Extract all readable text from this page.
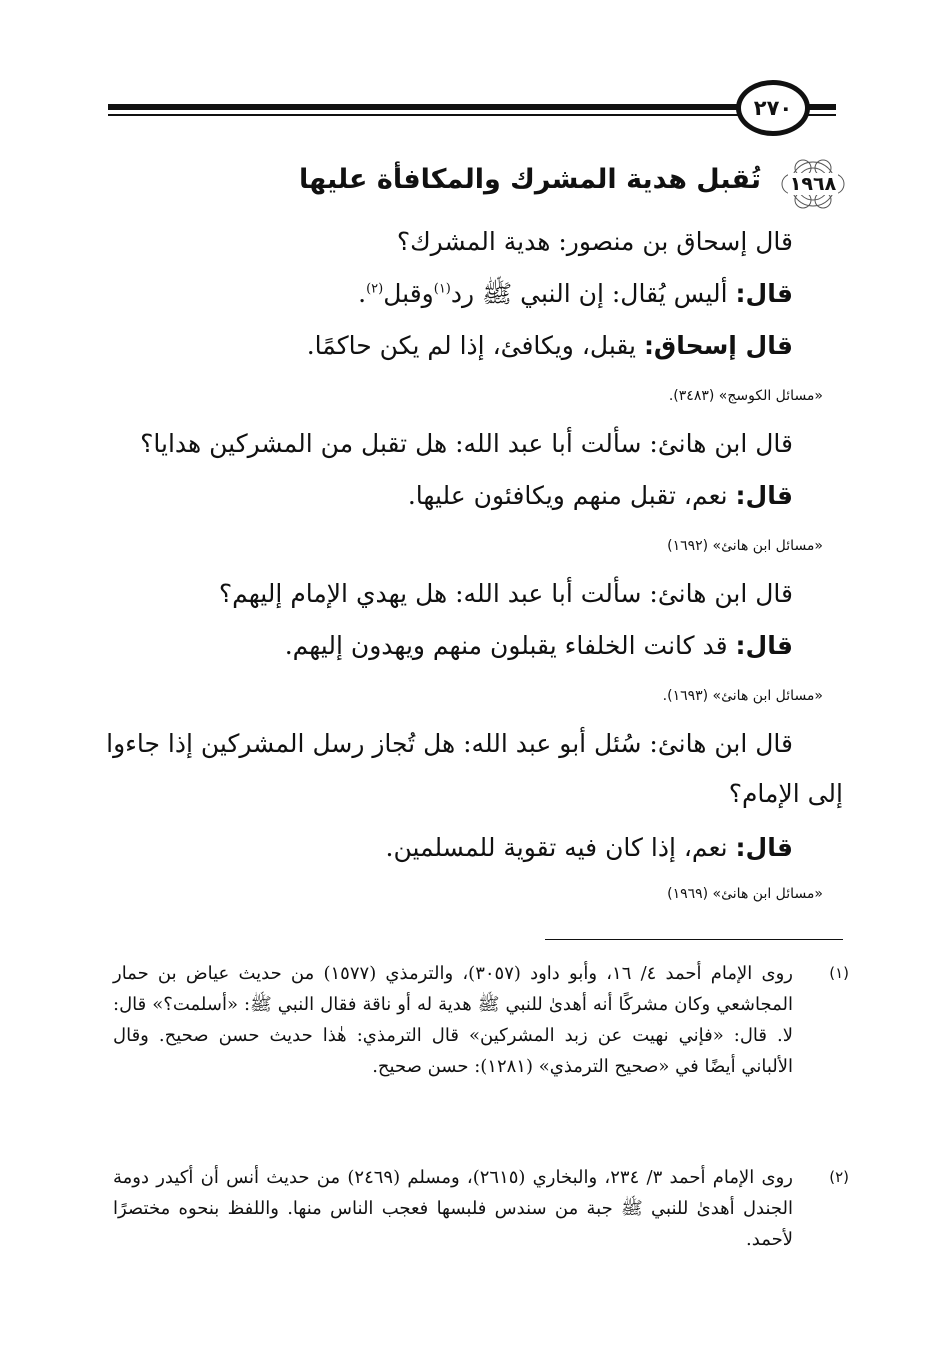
٢٧٠
١٩٦٨
تُقبل هدية المشرك والمكافأة عليها
قال إسحاق بن منصور: هدية المشرك؟
قال: أليس يُقال: إن النبي ﷺ رد$^{(١)}$وقبل$^{(٢)}$.
قال إسحاق: يقبل، ويكافئ، إذا لم يكن حاكمًا.
«مسائل الكوسج» (٣٤٨٣).
قال ابن هانئ: سألت أبا عبد الله: هل تقبل من المشركين هدايا؟
قال: نعم، تقبل منهم ويكافئون عليها.
«مسائل ابن هانئ» (١٦٩٢)
قال ابن هانئ: سألت أبا عبد الله: هل يهدي الإمام إليهم؟
قال: قد كانت الخلفاء يقبلون منهم ويهدون إليهم.
«مسائل ابن هانئ» (١٦٩٣).
قال ابن هانئ: سُئل أبو عبد الله: هل تُجاز رسل المشركين إذا جاءوا
إلى الإمام؟
قال: نعم، إذا كان فيه تقوية للمسلمين.
«مسائل ابن هانئ» (١٩٦٩)
(١)
روى الإمام أحمد ٤/ ١٦، وأبو داود (٣٠٥٧)، والترمذي (١٥٧٧) من حديث عياض بن حمار المجاشعي وكان مشركًا أنه أهدىٰ للنبي ﷺ هدية له أو ناقة فقال النبي ﷺ: «أسلمت؟» قال: لا. قال: «فإني نهيت عن زبد المشركين» قال الترمذي: هٰذا حديث حسن صحيح. وقال الألباني أيضًا في «صحيح الترمذي» (١٢٨١): حسن صحيح.
(٢)
روى الإمام أحمد ٣/ ٢٣٤، والبخاري (٢٦١٥)، ومسلم (٢٤٦٩) من حديث أنس أن أكيدر دومة الجندل أهدىٰ للنبي ﷺ جبة من سندس فلبسها فعجب الناس منها. واللفظ بنحوه مختصرًا لأحمد.
